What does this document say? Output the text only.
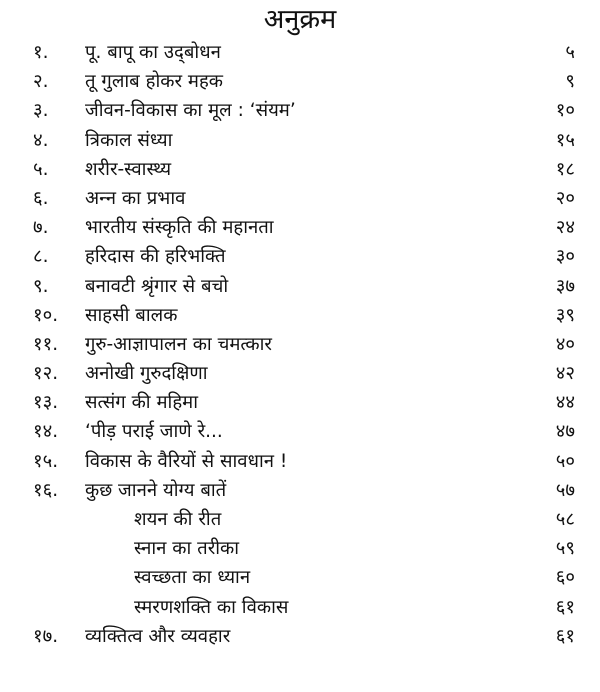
अनुक्रम
१. पू. बापू का उद्‌बोधन	५
२. तू गुलाब होकर महक	९
३. जीवन-विकास का मूल : ‘संयम’	१०
४. त्रिकाल संध्या	१५
५. शरीर-स्वास्थ्य	१८
६. अन्‍न का प्रभाव	२०
७. भारतीय संस्कृति की महानता	२४
८. हरिदास की हरिभक्ति	३०
९. बनावटी श्रृंगार से बचो	३७
१०. साहसी बालक	३९
११. गुरु-आज्ञापालन का चमत्कार	४०
१२. अनोखी गुरुदक्षिणा	४२
१३. सत्संग की महिमा	४४
१४. ‘पीड़ पराई जाणे रे...	४७
१५. विकास के वैरियों से सावधान !	५०
१६. कुछ जानने योग्य बातें	५७
शयन की रीत	५८
स्नान का तरीका	५९
स्वच्छता का ध्यान	६०
स्मरणशक्ति का विकास	६१
१७. व्यक्तित्व और व्यवहार	६१
